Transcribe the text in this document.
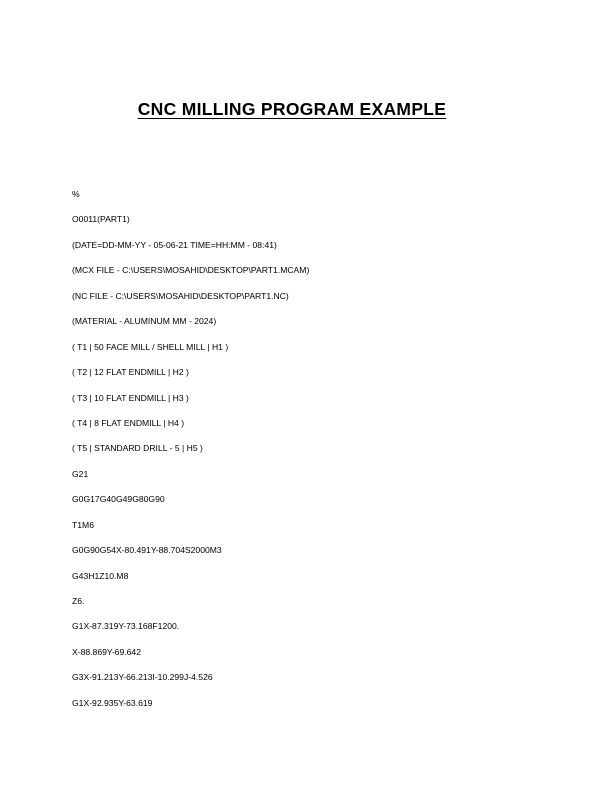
CNC MILLING PROGRAM EXAMPLE
%
O0011(PART1)
(DATE=DD-MM-YY - 05-06-21 TIME=HH:MM - 08:41)
(MCX FILE - C:\USERS\MOSAHID\DESKTOP\PART1.MCAM)
(NC FILE - C:\USERS\MOSAHID\DESKTOP\PART1.NC)
(MATERIAL - ALUMINUM MM - 2024)
( T1 | 50 FACE MILL / SHELL MILL | H1 )
( T2 | 12 FLAT ENDMILL | H2 )
( T3 | 10 FLAT ENDMILL | H3 )
( T4 | 8 FLAT ENDMILL | H4 )
( T5 | STANDARD DRILL - 5 | H5 )
G21
G0G17G40G49G80G90
T1M6
G0G90G54X-80.491Y-88.704S2000M3
G43H1Z10.M8
Z6.
G1X-87.319Y-73.168F1200.
X-88.869Y-69.642
G3X-91.213Y-66.213I-10.299J-4.526
G1X-92.935Y-63.619
